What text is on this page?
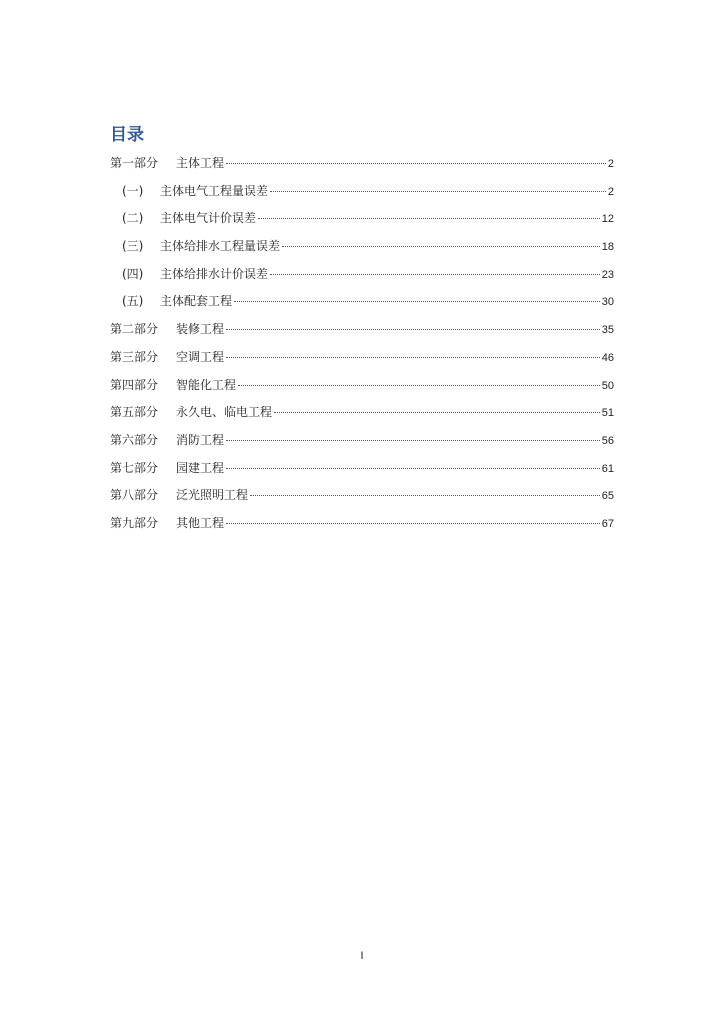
目录
第一部分	主体工程	2
(一)	主体电气工程量误差	2
(二)	主体电气计价误差	12
(三)	主体给排水工程量误差	18
(四)	主体给排水计价误差	23
(五)	主体配套工程	30
第二部分	装修工程	35
第三部分	空调工程	46
第四部分	智能化工程	50
第五部分	永久电、临电工程	51
第六部分	消防工程	56
第七部分	园建工程	61
第八部分	泛光照明工程	65
第九部分	其他工程	67
I
